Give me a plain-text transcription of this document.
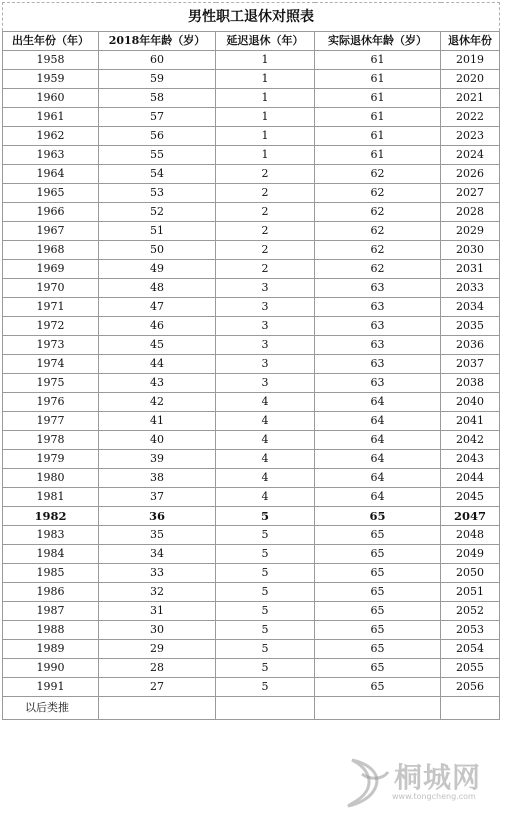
男性职工退休对照表				
出生年份（年）	2018年年龄（岁）	延迟退休（年）	实际退休年龄（岁）	退休年份
1958	60	1	61	2019
1959	59	1	61	2020
1960	58	1	61	2021
1961	57	1	61	2022
1962	56	1	61	2023
1963	55	1	61	2024
1964	54	2	62	2026
1965	53	2	62	2027
1966	52	2	62	2028
1967	51	2	62	2029
1968	50	2	62	2030
1969	49	2	62	2031
1970	48	3	63	2033
1971	47	3	63	2034
1972	46	3	63	2035
1973	45	3	63	2036
1974	44	3	63	2037
1975	43	3	63	2038
1976	42	4	64	2040
1977	41	4	64	2041
1978	40	4	64	2042
1979	39	4	64	2043
1980	38	4	64	2044
1981	37	4	64	2045
1982	36	5	65	2047
1983	35	5	65	2048
1984	34	5	65	2049
1985	33	5	65	2050
1986	32	5	65	2051
1987	31	5	65	2052
1988	30	5	65	2053
1989	29	5	65	2054
1990	28	5	65	2055
1991	27	5	65	2056
以后类推				
桐城网
www.tongcheng.com
